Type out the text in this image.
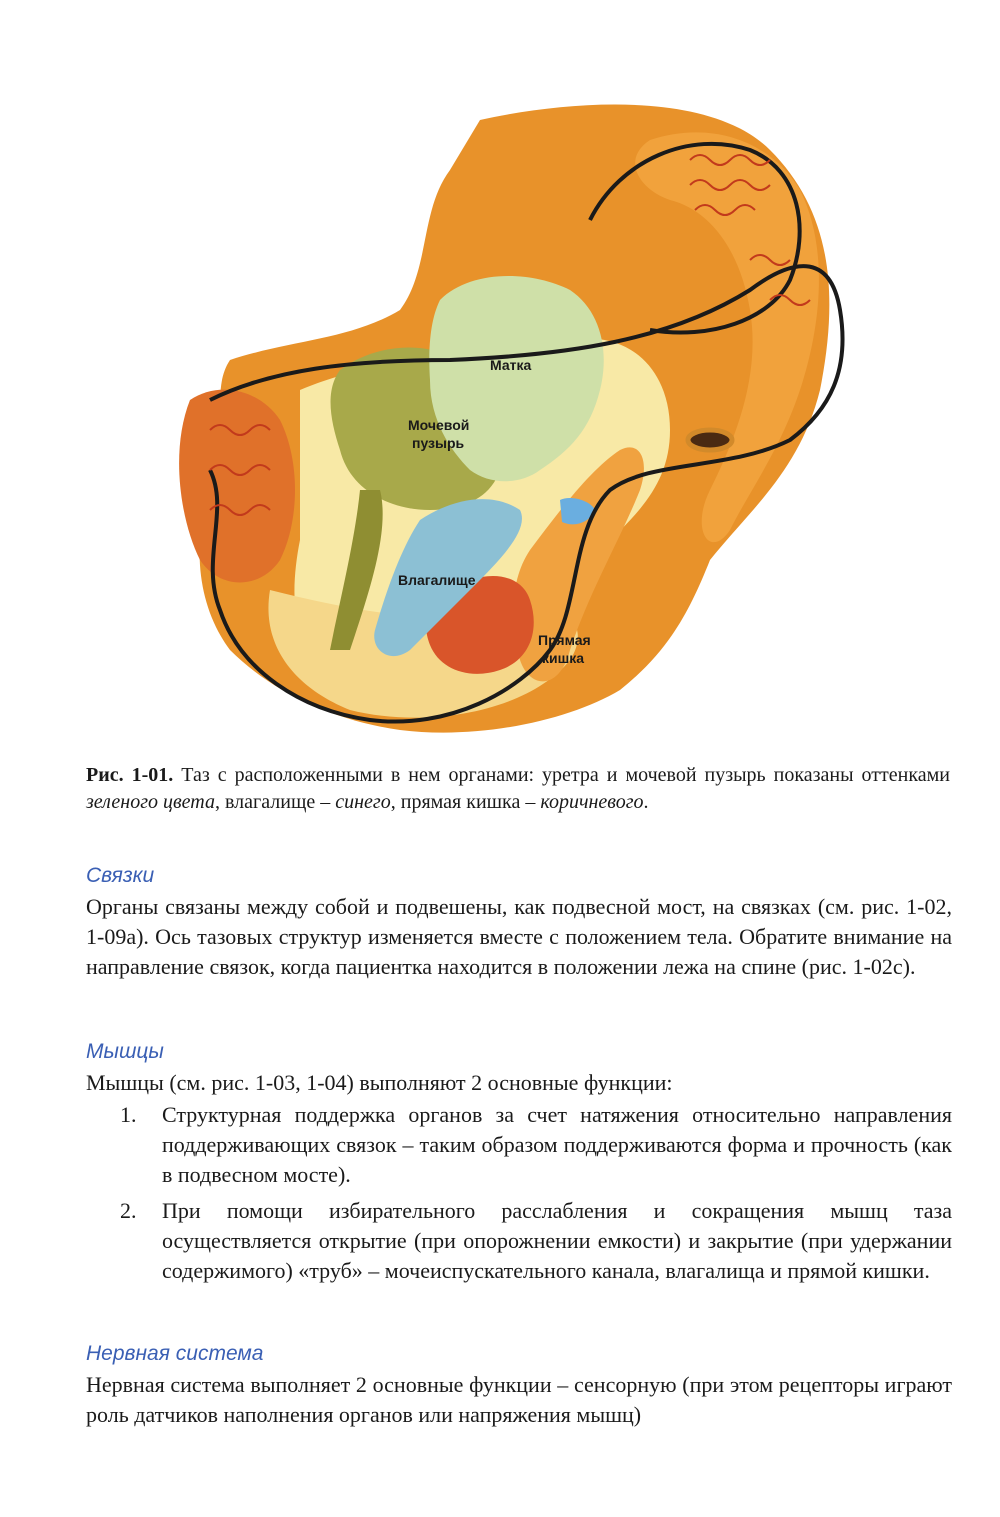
Матка
Мочевой
пузырь
Влагалище
Прямая
кишка
Рис. 1-01. Таз с расположенными в нем органами: уретра и мочевой пузырь показаны оттенками зеленого цвета, влагалище – синего, прямая кишка – коричневого.
Связки
Органы связаны между собой и подвешены, как подвесной мост, на связках (см. рис. 1-02, 1-09a). Ось тазовых структур изменяется вместе с положением тела. Обратите внимание на направление связок, когда пациентка находится в положении лежа на спине (рис. 1-02c).
Мышцы
Мышцы (см. рис. 1-03, 1-04) выполняют 2 основные функции:
1.	Структурная поддержка органов за счет натяжения относительно направления поддерживающих связок – таким образом поддерживаются форма и прочность (как в подвесном мосте).
2.	При помощи избирательного расслабления и сокращения мышц таза осуществляется открытие (при опорожнении емкости) и закрытие (при удержании содержимого) «труб» – мочеиспускательного канала, влагалища и прямой кишки.
Нервная система
Нервная система выполняет 2 основные функции – сенсорную (при этом рецепторы играют роль датчиков наполнения органов или напряжения мышц)
